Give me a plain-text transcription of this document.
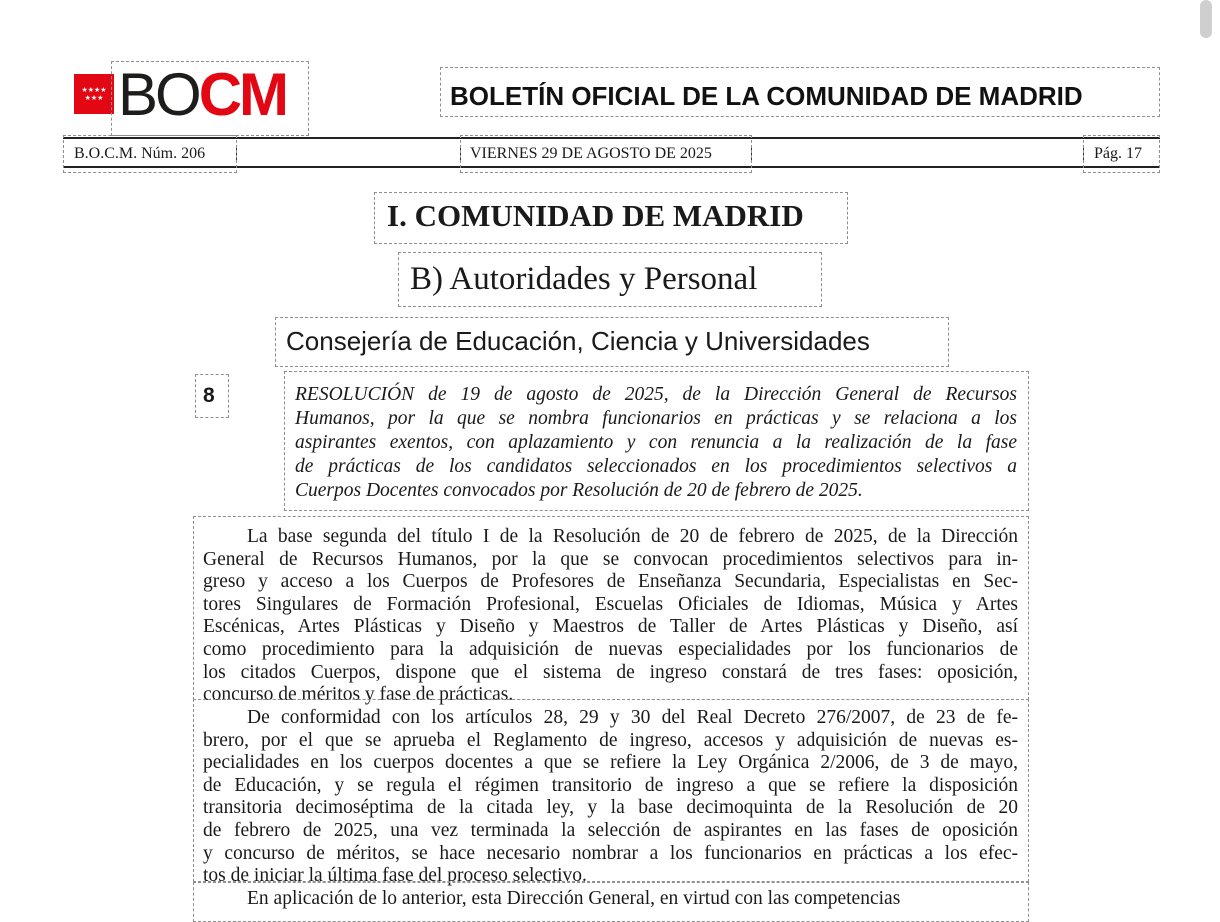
★★★★
★★★ BOCM	BOLETÍN OFICIAL DE LA COMUNIDAD DE MADRID
B.O.C.M. Núm. 206	VIERNES 29 DE AGOSTO DE 2025	Pág. 17
I. COMUNIDAD DE MADRID
B) Autoridades y Personal
Consejería de Educación, Ciencia y Universidades
8	RESOLUCIÓN de 19 de agosto de 2025, de la Dirección General de Recursos
Humanos, por la que se nombra funcionarios en prácticas y se relaciona a los
aspirantes exentos, con aplazamiento y con renuncia a la realización de la fase
de prácticas de los candidatos seleccionados en los procedimientos selectivos a
Cuerpos Docentes convocados por Resolución de 20 de febrero de 2025.
La base segunda del título I de la Resolución de 20 de febrero de 2025, de la Dirección
General de Recursos Humanos, por la que se convocan procedimientos selectivos para in-
greso y acceso a los Cuerpos de Profesores de Enseñanza Secundaria, Especialistas en Sec-
tores Singulares de Formación Profesional, Escuelas Oficiales de Idiomas, Música y Artes
Escénicas, Artes Plásticas y Diseño y Maestros de Taller de Artes Plásticas y Diseño, así
como procedimiento para la adquisición de nuevas especialidades por los funcionarios de
los citados Cuerpos, dispone que el sistema de ingreso constará de tres fases: oposición,
concurso de méritos y fase de prácticas.
De conformidad con los artículos 28, 29 y 30 del Real Decreto 276/2007, de 23 de fe-
brero, por el que se aprueba el Reglamento de ingreso, accesos y adquisición de nuevas es-
pecialidades en los cuerpos docentes a que se refiere la Ley Orgánica 2/2006, de 3 de mayo,
de Educación, y se regula el régimen transitorio de ingreso a que se refiere la disposición
transitoria decimoséptima de la citada ley, y la base decimoquinta de la Resolución de 20
de febrero de 2025, una vez terminada la selección de aspirantes en las fases de oposición
y concurso de méritos, se hace necesario nombrar a los funcionarios en prácticas a los efec-
tos de iniciar la última fase del proceso selectivo.
En aplicación de lo anterior, esta Dirección General, en virtud con las competencias
